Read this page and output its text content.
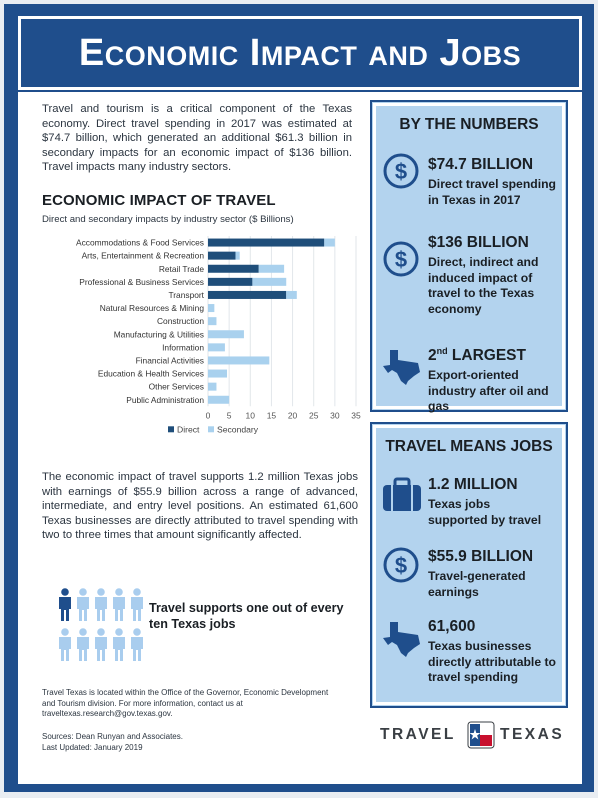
Economic Impact and Jobs

Travel and tourism is a critical component of the Texas economy. Direct travel spending in 2017 was estimated at $74.7 billion, which generated an additional $61.3 billion in secondary impacts for an economic impact of $136 billion. Travel impacts many industry sectors.

ECONOMIC IMPACT OF TRAVEL
Direct and secondary impacts by industry sector ($ Billions)
0 5 10 15 20 25 30 35
Accommodations & Food Services
Arts, Entertainment & Recreation
Retail Trade
Professional & Business Services
Transport
Natural Resources & Mining
Construction
Manufacturing & Utilities
Information
Financial Activities
Education & Health Services
Other Services
Public Administration
Direct Secondary

The economic impact of travel supports 1.2 million Texas jobs with earnings of $55.9 billion across a range of advanced, intermediate, and entry level positions. An estimated 61,600 Texas businesses are directly attributed to travel spending with two to three times that amount significantly affected.

Travel supports one out of every ten Texas jobs

Travel Texas is located within the Office of the Governor, Economic Development and Tourism division. For more information, contact us at traveltexas.research@gov.texas.gov.

Sources: Dean Runyan and Associates.
Last Updated: January 2019
BY THE NUMBERS
$ $74.7 BILLION
Direct travel spending in Texas in 2017
$
$136 BILLION
Direct, indirect and induced impact of travel to the Texas economy
2nd LARGEST
Export-oriented industry after oil and gas
TRAVEL MEANS JOBS
1.2 MILLION
Texas jobs supported by travel
$ $55.9 BILLION
Travel-generated earnings
61,600
Texas businesses directly attributable to travel spending
TRAVEL	TEXAS
